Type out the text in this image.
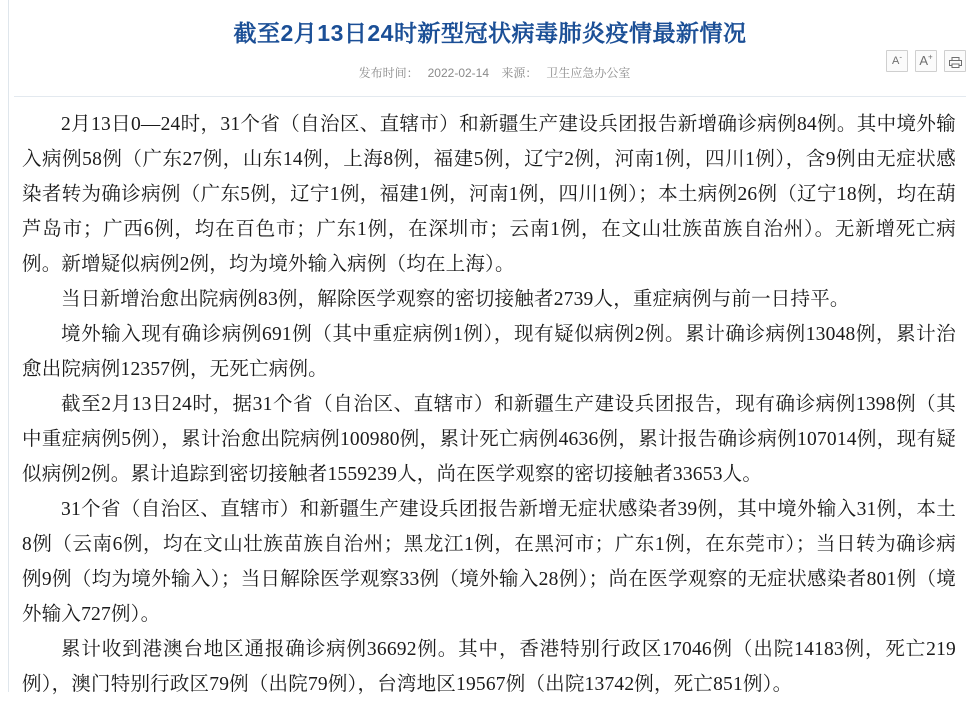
截至2月13日24时新型冠状病毒肺炎疫情最新情况
发布时间： 2022-02-14 来源： 卫生应急办公室
A-	A+

2月13日0—24时，31个省（自治区、直辖市）和新疆生产建设兵团报告新增确诊病例84例。其中境外输入病例58例（广东27例，山东14例，上海8例，福建5例，辽宁2例，河南1例，四川1例），含9例由无症状感染者转为确诊病例（广东5例，辽宁1例，福建1例，河南1例，四川1例）；本土病例26例（辽宁18例，均在葫芦岛市；广西6例，均在百色市；广东1例，在深圳市；云南1例，在文山壮族苗族自治州）。无新增死亡病例。新增疑似病例2例，均为境外输入病例（均在上海）。

当日新增治愈出院病例83例，解除医学观察的密切接触者2739人，重症病例与前一日持平。

境外输入现有确诊病例691例（其中重症病例1例），现有疑似病例2例。累计确诊病例13048例，累计治愈出院病例12357例，无死亡病例。

截至2月13日24时，据31个省（自治区、直辖市）和新疆生产建设兵团报告，现有确诊病例1398例（其中重症病例5例），累计治愈出院病例100980例，累计死亡病例4636例，累计报告确诊病例107014例，现有疑似病例2例。累计追踪到密切接触者1559239人，尚在医学观察的密切接触者33653人。

31个省（自治区、直辖市）和新疆生产建设兵团报告新增无症状感染者39例，其中境外输入31例，本土8例（云南6例，均在文山壮族苗族自治州；黑龙江1例，在黑河市；广东1例，在东莞市）；当日转为确诊病例9例（均为境外输入）；当日解除医学观察33例（境外输入28例）；尚在医学观察的无症状感染者801例（境外输入727例）。

累计收到港澳台地区通报确诊病例36692例。其中，香港特别行政区17046例（出院14183例，死亡219例），澳门特别行政区79例（出院79例），台湾地区19567例（出院13742例，死亡851例）。
